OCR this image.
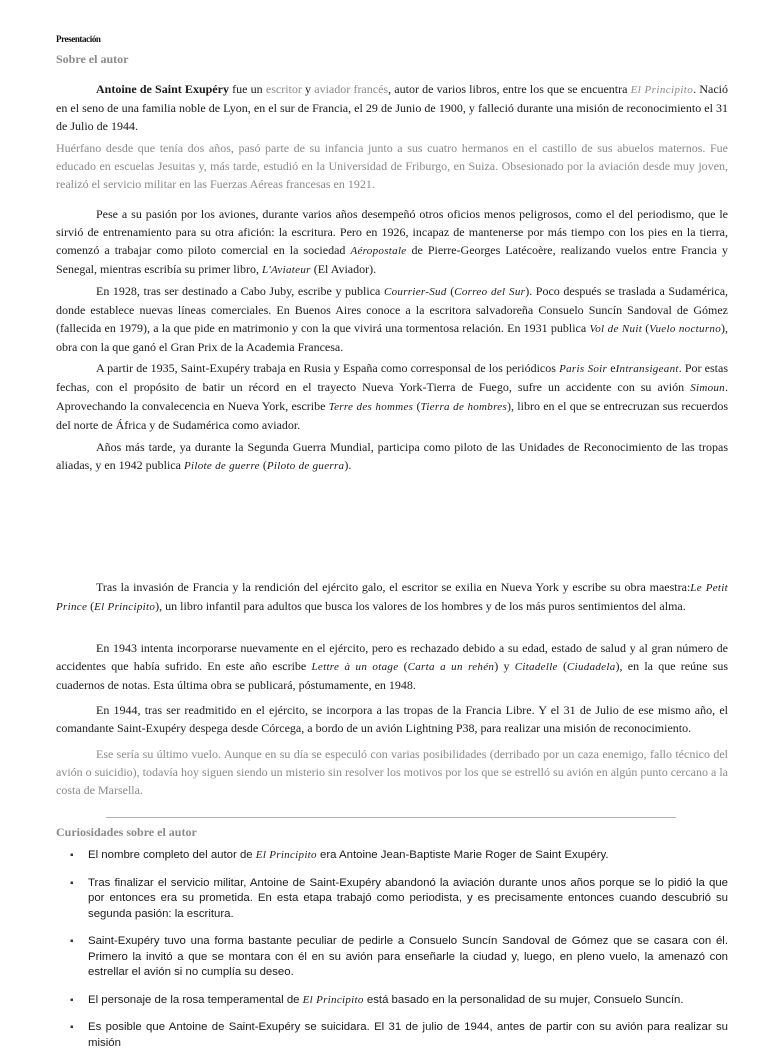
Presentación
Sobre el autor

Antoine de Saint Exupéry fue un escritor y aviador francés, autor de varios libros, entre los que se encuentra El Principito. Nació en el seno de una familia noble de Lyon, en el sur de Francia, el 29 de Junio de 1900, y falleció durante una misión de reconocimiento el 31 de Julio de 1944.

Huérfano desde que tenía dos años, pasó parte de su infancia junto a sus cuatro hermanos en el castillo de sus abuelos maternos. Fue educado en escuelas Jesuitas y, más tarde, estudió en la Universidad de Friburgo, en Suiza. Obsesionado por la aviación desde muy joven, realizó el servicio militar en las Fuerzas Aéreas francesas en 1921.

Pese a su pasión por los aviones, durante varios años desempeñó otros oficios menos peligrosos, como el del periodismo, que le sirvió de entrenamiento para su otra afición: la escritura. Pero en 1926, incapaz de mantenerse por más tiempo con los pies en la tierra, comenzó a trabajar como piloto comercial en la sociedad Aéropostale de Pierre-Georges Latécoère, realizando vuelos entre Francia y Senegal, mientras escribía su primer libro, L'Aviateur (El Aviador).

En 1928, tras ser destinado a Cabo Juby, escribe y publica Courrier-Sud (Correo del Sur). Poco después se traslada a Sudamérica, donde establece nuevas líneas comerciales. En Buenos Aires conoce a la escritora salvadoreña Consuelo Suncín Sandoval de Gómez (fallecida en 1979), a la que pide en matrimonio y con la que vivirá una tormentosa relación. En 1931 publica Vol de Nuit (Vuelo nocturno), obra con la que ganó el Gran Prix de la Academia Francesa.

A partir de 1935, Saint-Exupéry trabaja en Rusia y España como corresponsal de los periódicos Paris Soir eIntransigeant. Por estas fechas, con el propósito de batir un récord en el trayecto Nueva York-Tierra de Fuego, sufre un accidente con su avión Simoun. Aprovechando la convalecencia en Nueva York, escribe Terre des hommes (Tierra de hombres), libro en el que se entrecruzan sus recuerdos del norte de África y de Sudamérica como aviador.

Años más tarde, ya durante la Segunda Guerra Mundial, participa como piloto de las Unidades de Reconocimiento de las tropas aliadas, y en 1942 publica Pilote de guerre (Piloto de guerra).

Tras la invasión de Francia y la rendición del ejército galo, el escritor se exilia en Nueva York y escribe su obra maestra:Le Petit Prince (El Principito), un libro infantil para adultos que busca los valores de los hombres y de los más puros sentimientos del alma.

En 1943 intenta incorporarse nuevamente en el ejército, pero es rechazado debido a su edad, estado de salud y al gran número de accidentes que había sufrido. En este año escribe Lettre à un otage (Carta a un rehén) y Citadelle (Ciudadela), en la que reúne sus cuadernos de notas. Esta última obra se publicará, póstumamente, en 1948.

En 1944, tras ser readmitido en el ejército, se incorpora a las tropas de la Francia Libre. Y el 31 de Julio de ese mismo año, el comandante Saint-Exupéry despega desde Córcega, a bordo de un avión Lightning P38, para realizar una misión de reconocimiento.

Ese sería su último vuelo. Aunque en su día se especuló con varias posibilidades (derribado por un caza enemigo, fallo técnico del avión o suicidio), todavía hoy siguen siendo un misterio sin resolver los motivos por los que se estrelló su avión en algún punto cercano a la costa de Marsella.

Curiosidades sobre el autor
▪ El nombre completo del autor de El Principito era Antoine Jean-Baptiste Marie Roger de Saint Exupéry.
▪ Tras finalizar el servicio militar, Antoine de Saint-Exupéry abandonó la aviación durante unos años porque se lo pidió la que por entonces era su prometida. En esta etapa trabajó como periodista, y es precisamente entonces cuando descubrió su segunda pasión: la escritura.
▪ Saint-Exupéry tuvo una forma bastante peculiar de pedirle a Consuelo Suncín Sandoval de Gómez que se casara con él. Primero la invitó a que se montara con él en su avión para enseñarle la ciudad y, luego, en pleno vuelo, la amenazó con estrellar el avión si no cumplía su deseo.
▪ El personaje de la rosa temperamental de El Principito está basado en la personalidad de su mujer, Consuelo Suncín.
▪ Es posible que Antoine de Saint-Exupéry se suicidara. El 31 de julio de 1944, antes de partir con su avión para realizar su misión
